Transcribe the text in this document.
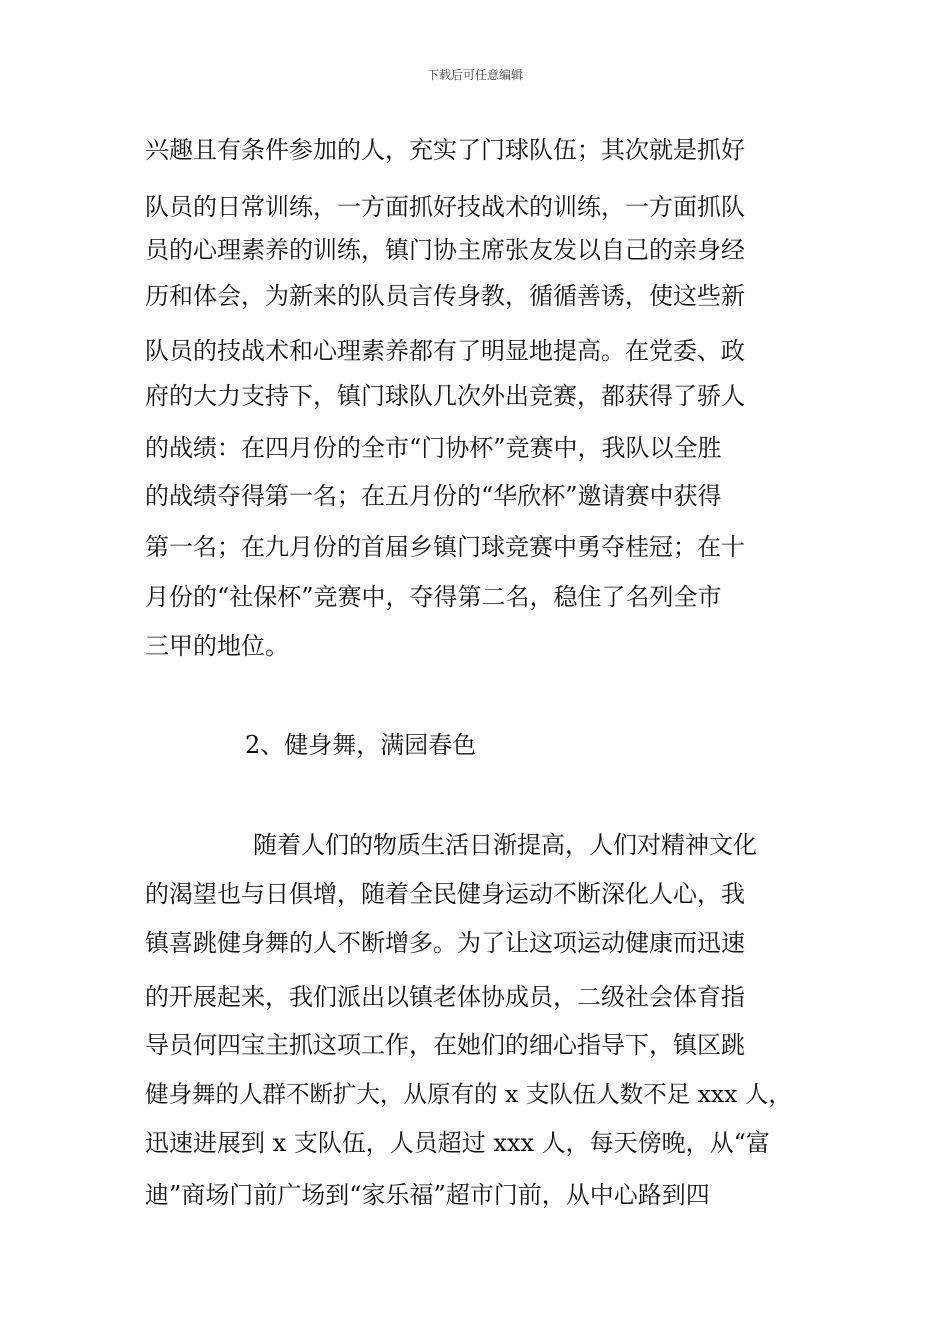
下载后可任意编辑
兴趣且有条件参加的人，充实了门球队伍；其次就是抓好
队员的日常训练，一方面抓好技战术的训练，一方面抓队
员的心理素养的训练，镇门协主席张友发以自己的亲身经
历和体会，为新来的队员言传身教，循循善诱，使这些新
队员的技战术和心理素养都有了明显地提高。在党委、政
府的大力支持下，镇门球队几次外出竞赛，都获得了骄人
的战绩：在四月份的全市“门协杯”竞赛中，我队以全胜
的战绩夺得第一名；在五月份的“华欣杯”邀请赛中获得
第一名；在九月份的首届乡镇门球竞赛中勇夺桂冠；在十
月份的“社保杯”竞赛中，夺得第二名，稳住了名列全市
三甲的地位。
2、健身舞，满园春色
随着人们的物质生活日渐提高，人们对精神文化
的渴望也与日俱增，随着全民健身运动不断深化人心，我
镇喜跳健身舞的人不断增多。为了让这项运动健康而迅速
的开展起来，我们派出以镇老体协成员，二级社会体育指
导员何四宝主抓这项工作，在她们的细心指导下，镇区跳
健身舞的人群不断扩大，从原有的 x 支队伍人数不足 xxx 人，
迅速进展到 x 支队伍，人员超过 xxx 人，每天傍晚，从“富
迪”商场门前广场到“家乐福”超市门前，从中心路到四
